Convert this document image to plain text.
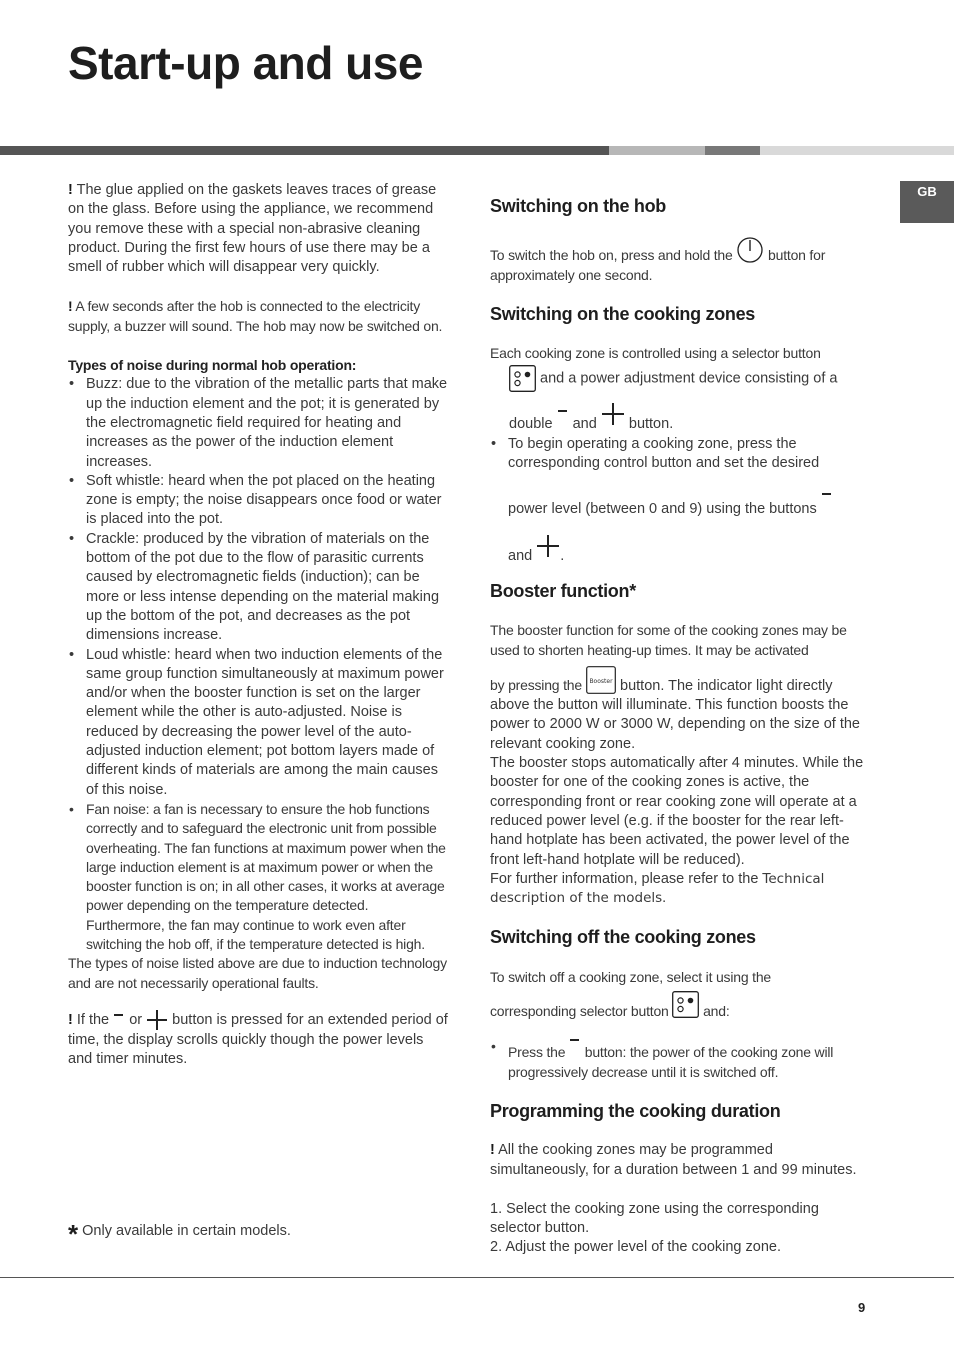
Start-up and use
GB

! The glue applied on the gaskets leaves traces of grease on the glass. Before using the appliance, we recommend you remove these with a special non-abrasive cleaning product. During the first few hours of use there may be a smell of rubber which will disappear very quickly.

! A few seconds after the hob is connected to the electricity supply, a buzzer will sound. The hob may now be switched on.

Types of noise during normal hob operation:

• Buzz: due to the vibration of the metallic parts that make up the induction element and the pot; it is generated by the electromagnetic field required for heating and increases as the power of the induction element increases.
• Soft whistle: heard when the pot placed on the heating zone is empty; the noise disappears once food or water is placed into the pot.
• Crackle: produced by the vibration of materials on the bottom of the pot due to the flow of parasitic currents caused by electromagnetic fields (induction); can be more or less intense depending on the material making up the bottom of the pot, and decreases as the pot dimensions increase.
• Loud whistle: heard when two induction elements of the same group function simultaneously at maximum power and/or when the booster function is set on the larger element while the other is auto-adjusted. Noise is reduced by decreasing the power level of the auto-adjusted induction element; pot bottom layers made of different kinds of materials are among the main causes of this noise.
• Fan noise: a fan is necessary to ensure the hob functions correctly and to safeguard the electronic unit from possible overheating. The fan functions at maximum power when the large induction element is at maximum power or when the booster function is on; in all other cases, it works at average power depending on the temperature detected. Furthermore, the fan may continue to work even after switching the hob off, if the temperature detected is high.

The types of noise listed above are due to induction technology and are not necessarily operational faults.

! If the or button is pressed for an extended period of time, the display scrolls quickly though the power levels and timer minutes.

* Only available in certain models.
Switching on the hob

To switch the hob on, press and hold the	button for approximately one second.

Switching on the cooking zones

Each cooking zone is controlled using a selector button

and a power adjustment device consisting of a

double and button.

• To begin operating a cooking zone, press the corresponding control button and set the desired
power level (between 0 and 9) using the buttons
and .
Booster function*

The booster function for some of the cooking zones may be used to shorten heating-up times. It may be activated

by pressing the Booster button. The indicator light directly above the button will illuminate. This function boosts the power to 2000 W or 3000 W, depending on the size of the relevant cooking zone.

The booster stops automatically after 4 minutes. While the booster for one of the cooking zones is active, the corresponding front or rear cooking zone will operate at a reduced power level (e.g. if the booster for the rear left-hand hotplate has been activated, the power level of the front left-hand hotplate will be reduced).

For further information, please refer to the Technical description of the models.

Switching off the cooking zones

To switch off a cooking zone, select it using the

corresponding selector button and:

• Press the button: the power of the cooking zone will progressively decrease until it is switched off.
Programming the cooking duration

! All the cooking zones may be programmed simultaneously, for a duration between 1 and 99 minutes.

1. Select the cooking zone using the corresponding selector button.

2. Adjust the power level of the cooking zone.

9
